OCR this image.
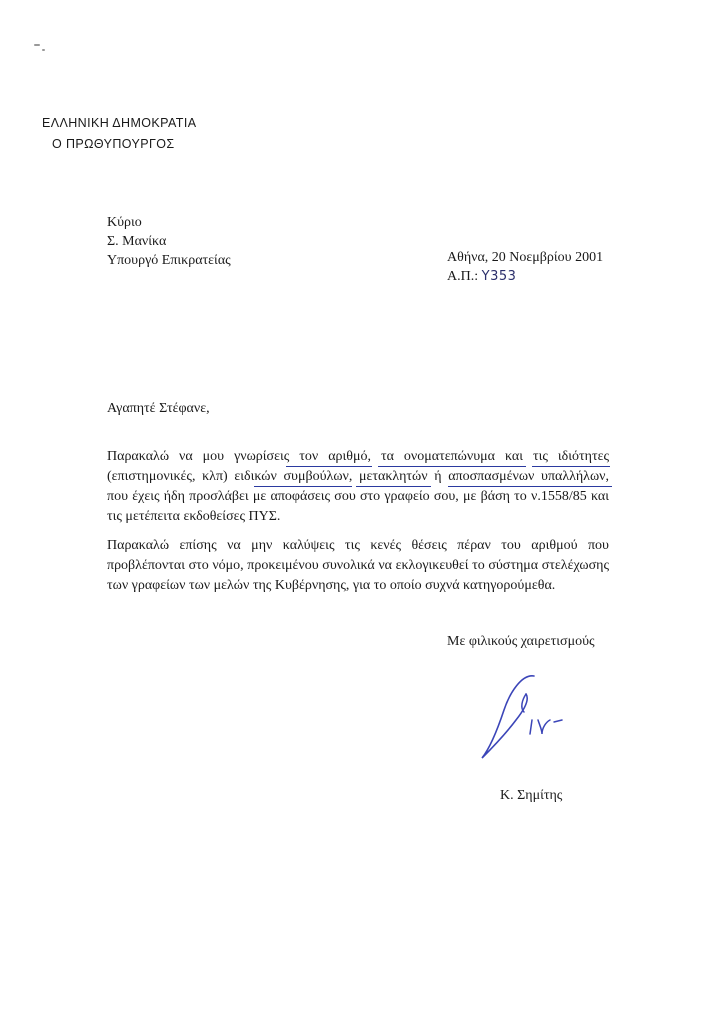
ΕΛΛΗΝΙΚΗ ΔΗΜΟΚΡΑΤΙΑ
Ο ΠΡΩΘΥΠΟΥΡΓΟΣ
Κύριο
Σ. Μανίκα
Υπουργό Επικρατείας	Αθήνα, 20 Νοεμβρίου 2001
Α.Π.: Υ353
Αγαπητέ Στέφανε,
Παρακαλώ να μου γνωρίσεις τον αριθμό, τα ονοματεπώνυμα και τις ιδιότητες (επιστημονικές, κλπ) ειδικών συμβούλων, μετακλητών ή αποσπασμένων υπαλλήλων, που έχεις ήδη προσλάβει με αποφάσεις σου στο γραφείο σου, με βάση το ν.1558/85 και τις μετέπειτα εκδοθείσες ΠΥΣ.
Παρακαλώ επίσης να μην καλύψεις τις κενές θέσεις πέραν του αριθμού που προβλέπονται στο νόμο, προκειμένου συνολικά να εκλογικευθεί το σύστημα στελέχωσης των γραφείων των μελών της Κυβέρνησης, για το οποίο συχνά κατηγορούμεθα.
Με φιλικούς χαιρετισμούς
Κ. Σημίτης
